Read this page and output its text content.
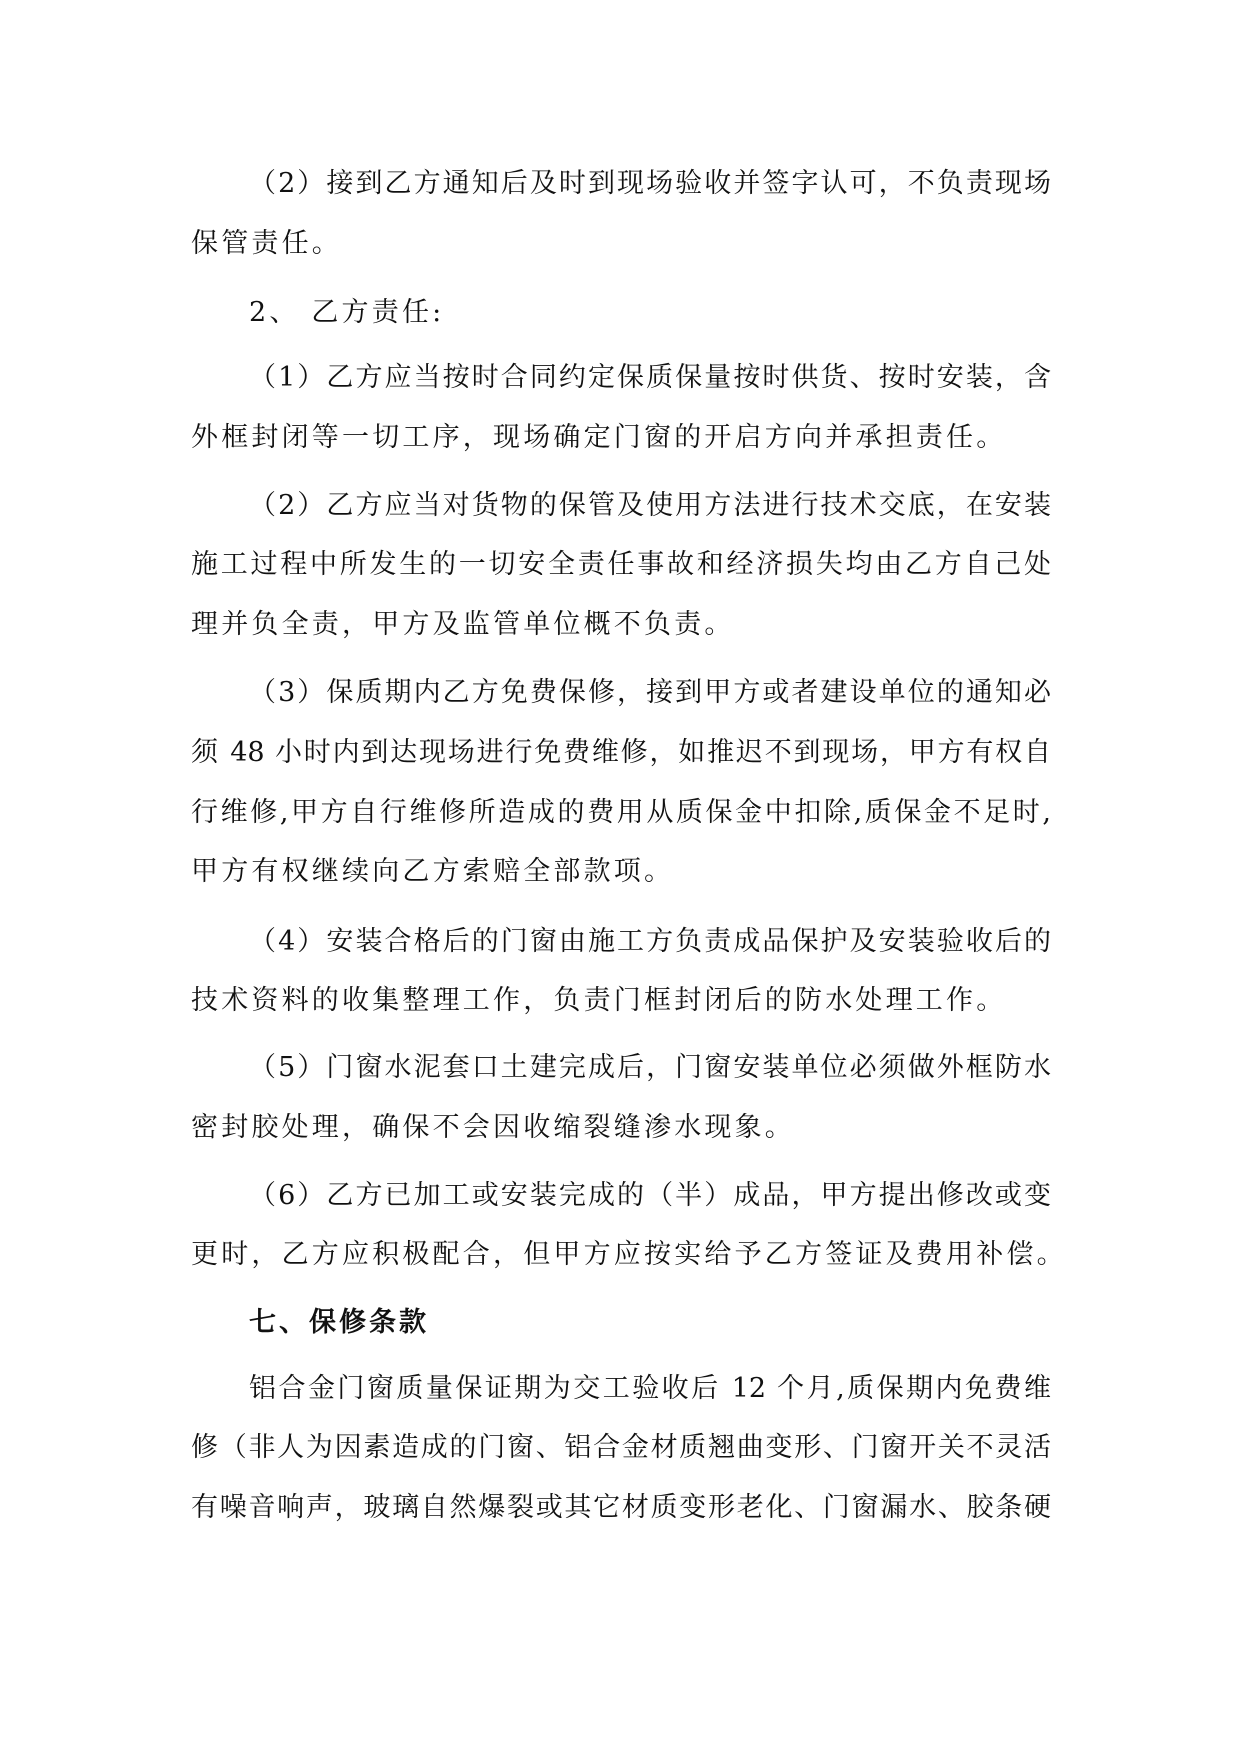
（2）接到乙方通知后及时到现场验收并签字认可，不负责现场

保管责任。

2、 乙方责任:

（1）乙方应当按时合同约定保质保量按时供货、按时安装，含

外框封闭等一切工序，现场确定门窗的开启方向并承担责任。

（2）乙方应当对货物的保管及使用方法进行技术交底，在安装

施工过程中所发生的一切安全责任事故和经济损失均由乙方自己处

理并负全责，甲方及监管单位概不负责。

（3）保质期内乙方免费保修，接到甲方或者建设单位的通知必

须 48 小时内到达现场进行免费维修，如推迟不到现场，甲方有权自

行维修,甲方自行维修所造成的费用从质保金中扣除,质保金不足时,

甲方有权继续向乙方索赔全部款项。

（4）安装合格后的门窗由施工方负责成品保护及安装验收后的

技术资料的收集整理工作，负责门框封闭后的防水处理工作。

（5）门窗水泥套口土建完成后，门窗安装单位必须做外框防水

密封胶处理，确保不会因收缩裂缝渗水现象。

（6）乙方已加工或安装完成的（半）成品，甲方提出修改或变

更时，乙方应积极配合，但甲方应按实给予乙方签证及费用补偿。

七、保修条款

铝合金门窗质量保证期为交工验收后 12 个月,质保期内免费维

修（非人为因素造成的门窗、铝合金材质翘曲变形、门窗开关不灵活

有噪音响声，玻璃自然爆裂或其它材质变形老化、门窗漏水、胶条硬
